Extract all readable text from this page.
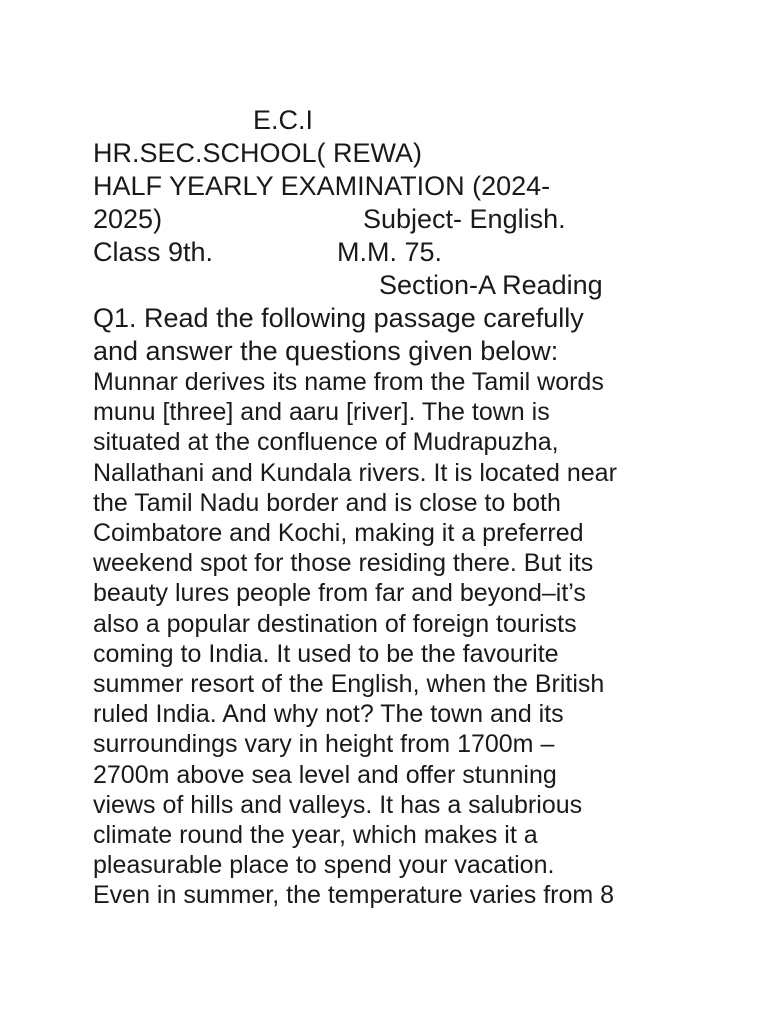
E.C.I
HR.SEC.SCHOOL( REWA)
HALF YEARLY EXAMINATION (2024-
2025)	Subject- English.
Class 9th.	M.M. 75.
Section-A Reading
Q1. Read the following passage carefully
and answer the questions given below:
Munnar derives its name from the Tamil words
munu [three] and aaru [river]. The town is
situated at the confluence of Mudrapuzha,
Nallathani and Kundala rivers. It is located near
the Tamil Nadu border and is close to both
Coimbatore and Kochi, making it a preferred
weekend spot for those residing there. But its
beauty lures people from far and beyond–it’s
also a popular destination of foreign tourists
coming to India. It used to be the favourite
summer resort of the English, when the British
ruled India. And why not? The town and its
surroundings vary in height from 1700m –
2700m above sea level and offer stunning
views of hills and valleys. It has a salubrious
climate round the year, which makes it a
pleasurable place to spend your vacation.
Even in summer, the temperature varies from 8
